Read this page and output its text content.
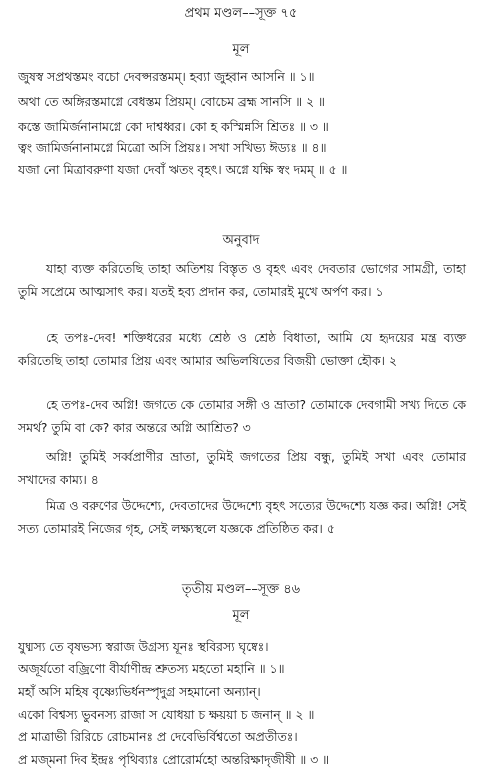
প্রথম মণ্ডল––সূক্ত ৭৫
মূল
জুষস্ব সপ্রথস্তমং বচো দেবপ্সরস্তমম্। হব্যা জুহ্বান আসনি ॥ ১॥
অথা তে অঙ্গিরস্তমাগ্নে বেধস্তম প্রিয়ম্। বোচেম ব্রহ্ম সানসি ॥ ২ ॥
কস্তে জামির্জনানামগ্নে কো দাশ্বধ্বর। কো হ কস্মিন্নসি শ্রিতঃ ॥ ৩ ॥
ত্বং জামির্জনানামগ্নে মিত্রো অসি প্রিয়ঃ। সখা সখিভ্য ঈড্যঃ ॥ ৪॥
যজা নো মিত্রাবরুণা যজা দেবাঁ ঋতং বৃহৎ। অগ্নে যক্ষি স্বং দমম্ ॥ ৫ ॥
অনুবাদ
যাহা ব্যক্ত করিতেছি তাহা অতিশয় বিস্তৃত ও বৃহৎ এবং দেবতার ভোগের সামগ্রী, তাহা তুমি সপ্রেমে আত্মসাৎ কর। যতই হব্য প্রদান কর, তোমারই মুখে অর্পণ কর। ১
হে তপঃ-দেব! শক্তিধরের মধ্যে শ্রেষ্ঠ ও শ্রেষ্ঠ বিধাতা, আমি যে হৃদয়ের মন্ত্র ব্যক্ত করিতেছি তাহা তোমার প্রিয় এবং আমার অভিলষিতের বিজয়ী ভোক্তা হৌক। ২
হে তপঃ-দেব অগ্নি! জগতে কে তোমার সঙ্গী ও ভ্রাতা? তোমাকে দেবগামী সখ্য দিতে কে সমর্থ? তুমি বা কে? কার অন্তরে অগ্নি আশ্রিত? ৩
অগ্নি! তুমিই সর্ব্বপ্রাণীর ভ্রাতা, তুমিই জগতের প্রিয় বন্ধু, তুমিই সখা এবং তোমার সখাদের কাম্য। ৪
মিত্র ও বরুণের উদ্দেশ্যে, দেবতাদের উদ্দেশ্যে বৃহৎ সত্যের উদ্দেশ্যে যজ্ঞ কর। অগ্নি! সেই সত্য তোমারই নিজের গৃহ, সেই লক্ষ্যস্থলে যজ্ঞকে প্রতিষ্ঠিত কর। ৫
তৃতীয় মণ্ডল––সূক্ত ৪৬
মূল
যুধ্মস্য তে বৃষভস্য স্বরাজ উগ্রস্য যূনঃ স্থবিরস্য ঘৃষ্বেঃ।
অজূর্যতো বজ্রিণো বীর্যাণীন্দ্র শ্রুতস্য মহতো মহানি ॥ ১॥
মহাঁ অসি মহিষ বৃষ্ণ্যেভির্ধনস্পৃদুগ্র সহমানো অন্যান্।
একো বিশ্বস্য ভুবনস্য রাজা স যোধয়া চ ক্ষয়য়া চ জনান্ ॥ ২ ॥
প্র মাত্রাভী রিরিচে রোচমানঃ প্র দেবেভির্বিশ্বতো অপ্রতীতঃ।
প্র মজ্মনা দিব ইন্দ্রঃ পৃথিব্যাঃ প্রোরোর্মহো অন্তরিক্ষাদৃজীষী ॥ ৩ ॥
